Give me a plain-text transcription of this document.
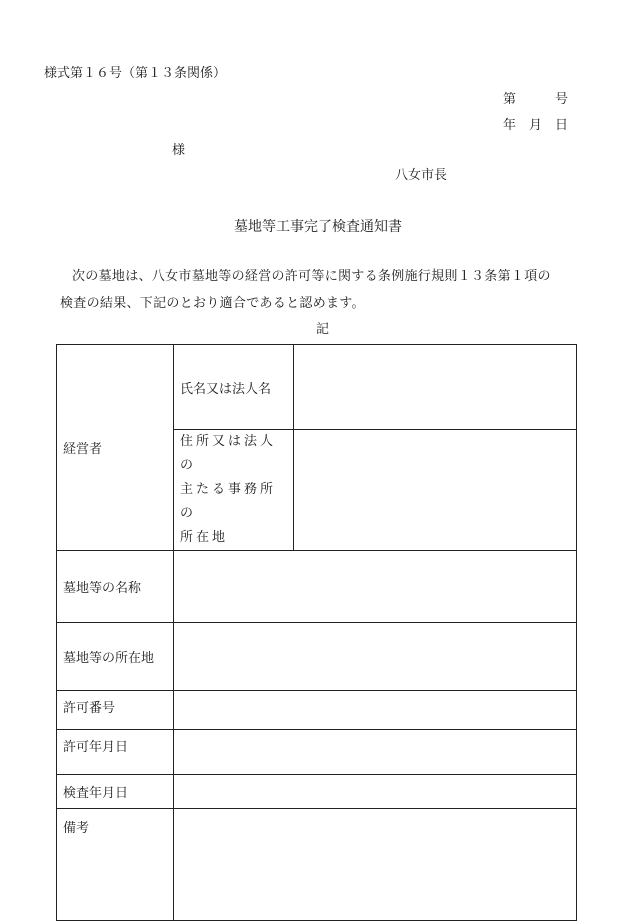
様式第１６号（第１３条関係）
第　　　号
年　月　日
様
八女市長
墓地等工事完了検査通知書
次の墓地は、八女市墓地等の経営の許可等に関する条例施行規則１３条第１項の
検査の結果、下記のとおり適合であると認めます。
記
経営者	氏名又は法人名	

	住所又は法人の
主たる事務所の
所在地	

墓地等の名称		
墓地等の所在地		
許可番号		
許可年月日		
検査年月日		
備考		
